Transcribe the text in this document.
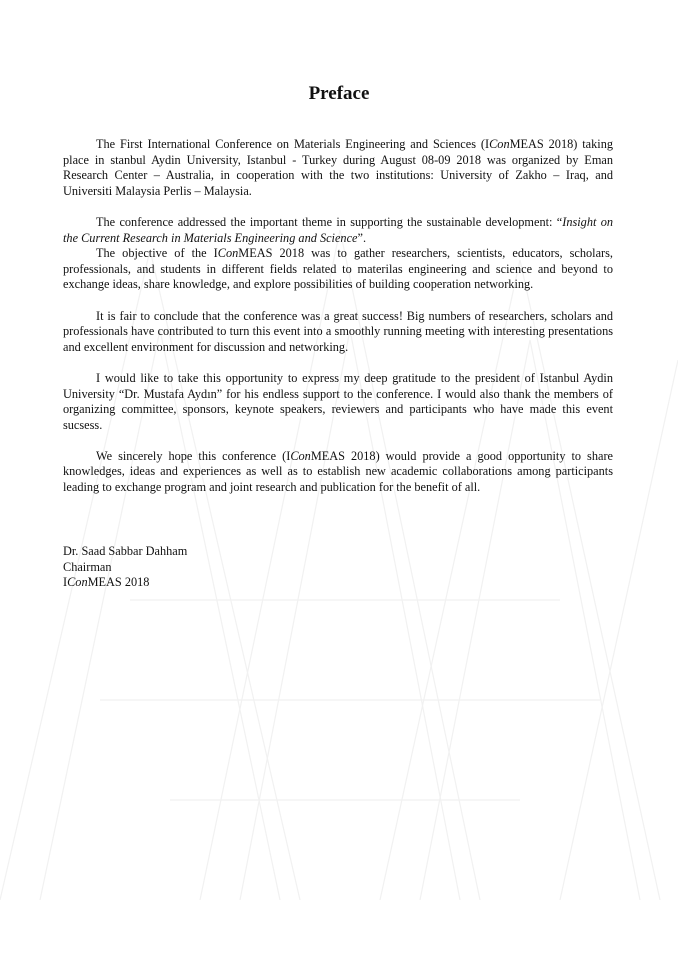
Preface

The First International Conference on Materials Engineering and Sciences (IConMEAS 2018) taking place in stanbul Aydin University, Istanbul - Turkey during August 08-09 2018 was organized by Eman Research Center – Australia, in cooperation with the two institutions: University of Zakho – Iraq, and Universiti Malaysia Perlis – Malaysia.

The conference addressed the important theme in supporting the sustainable development: “Insight on the Current Research in Materials Engineering and Science”.

The objective of the IConMEAS 2018 was to gather researchers, scientists, educators, scholars, professionals, and students in different fields related to materilas engineering and science and beyond to exchange ideas, share knowledge, and explore possibilities of building cooperation networking.

It is fair to conclude that the conference was a great success! Big numbers of researchers, scholars and professionals have contributed to turn this event into a smoothly running meeting with interesting presentations and excellent environment for discussion and networking.

I would like to take this opportunity to express my deep gratitude to the president of Istanbul Aydin University “Dr. Mustafa Aydın” for his endless support to the conference. I would also thank the members of organizing committee, sponsors, keynote speakers, reviewers and participants who have made this event sucsess.

We sincerely hope this conference (IConMEAS 2018) would provide a good opportunity to share knowledges, ideas and experiences as well as to establish new academic collaborations among participants leading to exchange program and joint research and publication for the benefit of all.

Dr. Saad Sabbar Dahham
Chairman
IConMEAS 2018
